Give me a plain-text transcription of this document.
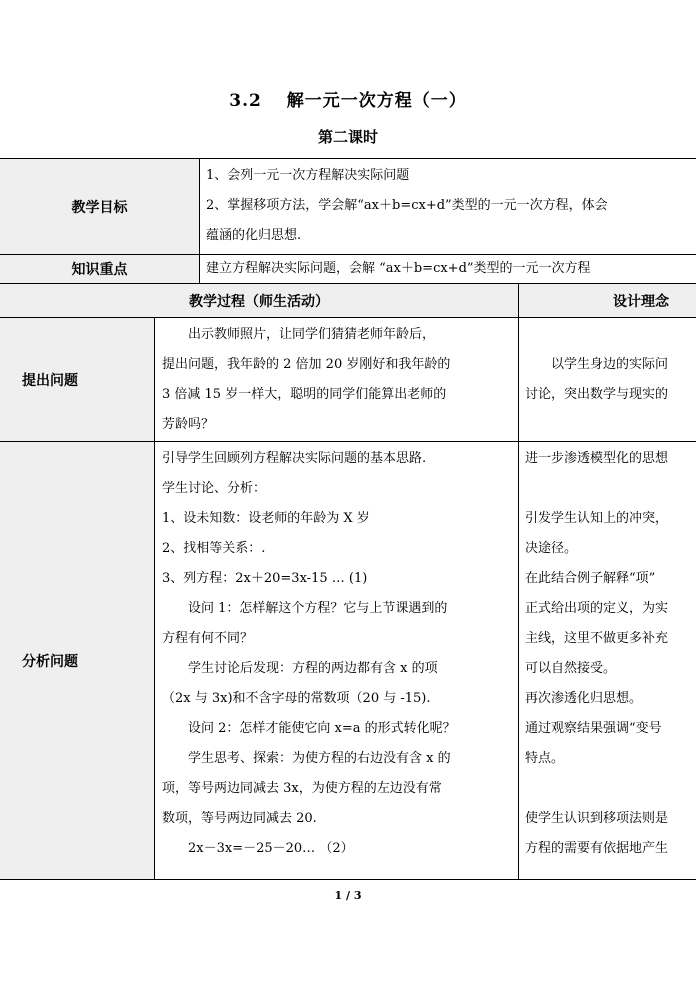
3.2　 解一元一次方程（一）
第二课时
教学目标
1、会列一元一次方程解决实际问题
2、掌握移项方法，学会解“ax＋b=cx+d”类型的一元一次方程，体会
蕴涵的化归思想.
知识重点	建立方程解决实际问题，会解 “ax＋b=cx+d”类型的一元一次方程
教学过程（师生活动）	设计理念
提出问题
　　出示教师照片，让同学们猜猜老师年龄后，
提出问题，我年龄的 2 倍加 20 岁刚好和我年龄的
3 倍减 15 岁一样大，聪明的同学们能算出老师的
芳龄吗？
　　以学生身边的实际问
讨论，突出数学与现实的
分析问题
引导学生回顾列方程解决实际问题的基本思路.
学生讨论、分析：
1、设未知数：设老师的年龄为 X 岁
2、找相等关系：.
3、列方程：2x＋20=3x-15 … (1)
　　设问 1：怎样解这个方程？它与上节课遇到的
方程有何不同？
　　学生讨论后发现：方程的两边都有含 x 的项
（2x 与 3x)和不含字母的常数项（20 与 -15).
　　设问 2：怎样才能使它向 x=a 的形式转化呢？
　　学生思考、探索：为使方程的右边没有含 x 的
项，等号两边同减去 3x，为使方程的左边没有常
数项，等号两边同减去 20.
　　2x－3x=－25－20… （2）
进一步渗透模型化的思想
引发学生认知上的冲突，
决途径。
在此结合例子解释“项”
正式给出项的定义，为实
主线，这里不做更多补充
可以自然接受。
再次渗透化归思想。
通过观察结果强调“变号
特点。
使学生认识到移项法则是
方程的需要有依据地产生
1 / 3
